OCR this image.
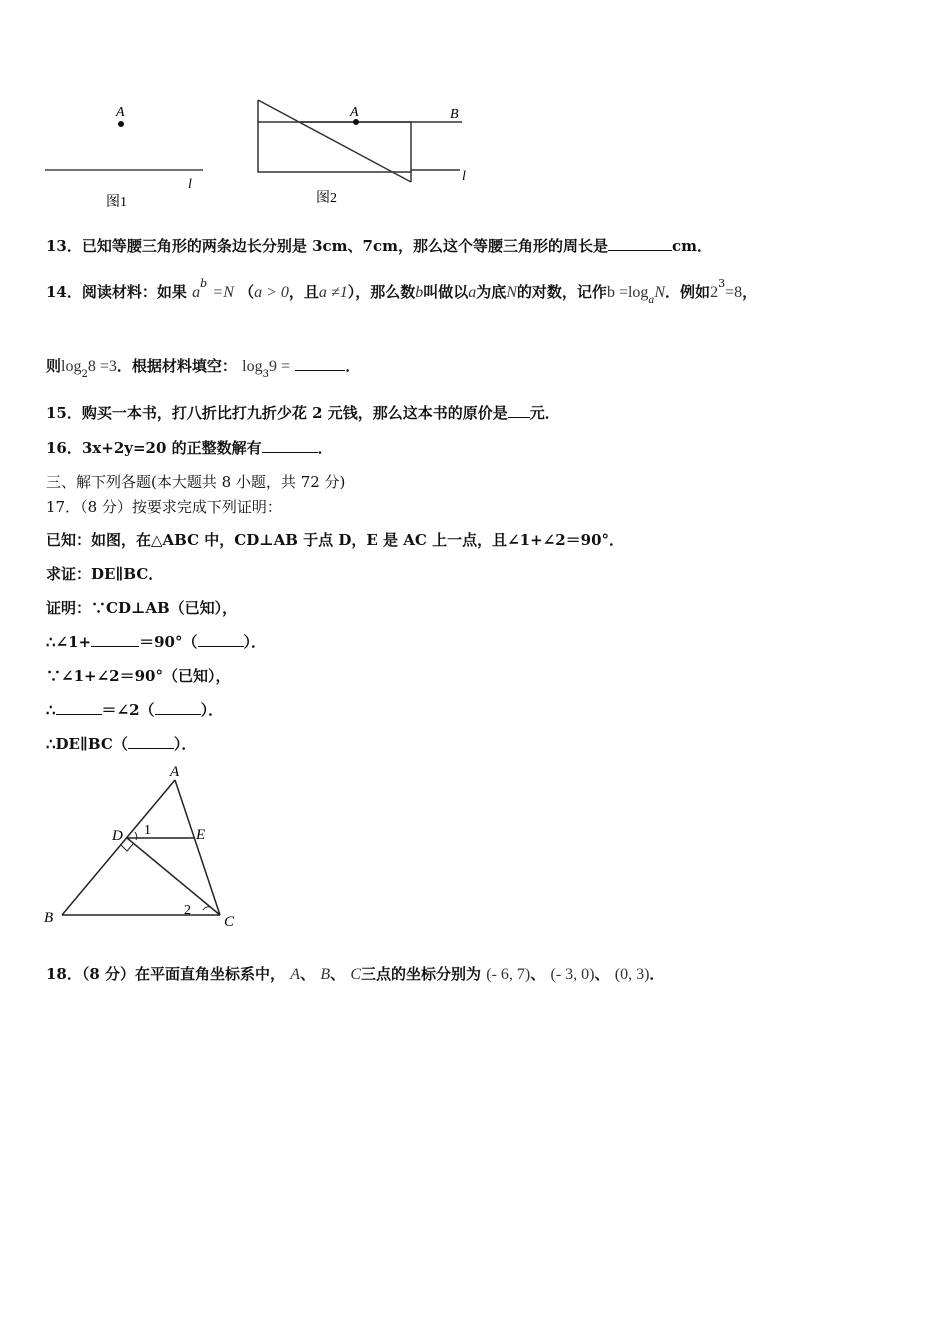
A
l
图1
A	B
l
图2
13．已知等腰三角形的两条边长分别是 3cm、7cm，那么这个等腰三角形的周长是	cm．
14．阅读材料：如果 $a^b =N$ （a > 0，且a ≠1），那么数b叫做以a为底N的对数，记作$b =\log_aN$．例如$2^3=8$，
则$\log_28 =3$．根据材料填空： $\log_39$ =	．
15．购买一本书，打八折比打九折少花 2 元钱，那么这本书的原价是 元．
16．3x+2y=20 的正整数解有	．
三、解下列各题(本大题共 8 小题，共 72 分)
17．（8 分）按要求完成下列证明：
已知：如图，在△ABC 中，CD⊥AB 于点 D，E 是 AC 上一点，且∠1+∠2＝90°．
求证：DE∥BC．
证明：∵CD⊥AB（已知），
∴∠1+	＝90°（	）．
∵∠1+∠2＝90°（已知），
∴	＝∠2（	）．
∴DE∥BC（	）．
A
B	C
D	E
1
2
18．（8 分）在平面直角坐标系中， A、 B、 C三点的坐标分别为 (- 6, 7)、 (- 3, 0)、 (0, 3)．
